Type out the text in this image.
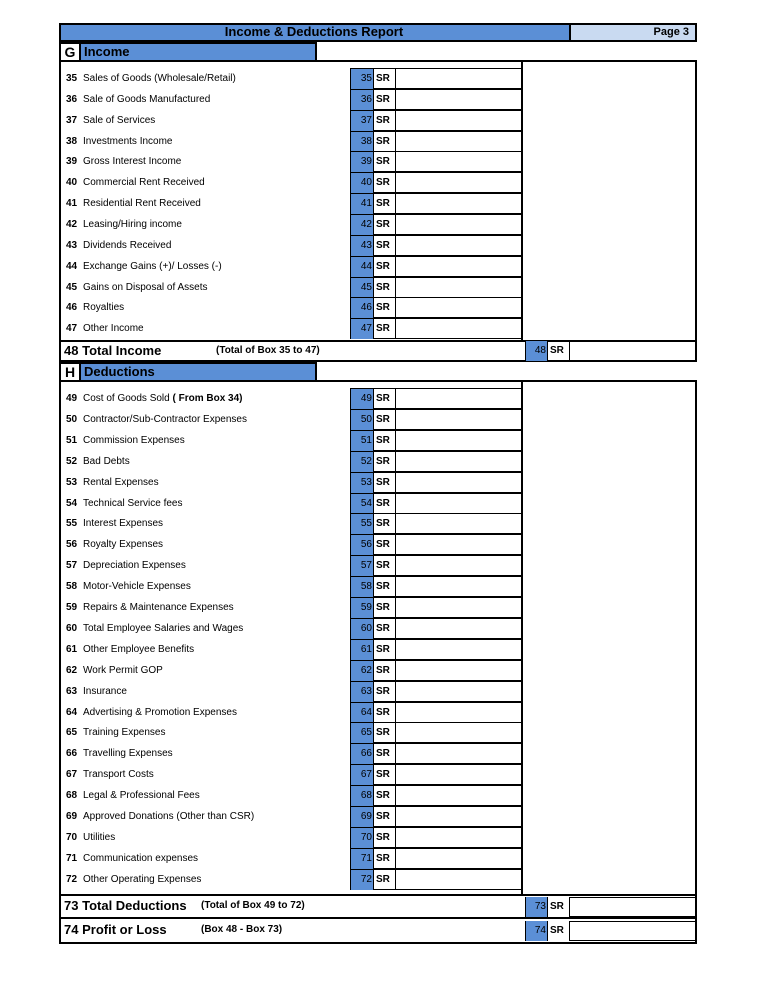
Income & Deductions Report	Page 3
G Income
35 Sales of Goods (Wholesale/Retail)	35 SR
36 Sale of Goods Manufactured	36 SR
37 Sale of Services	37 SR
38 Investments Income	38 SR
39 Gross Interest Income	39 SR
40 Commercial Rent Received	40 SR
41 Residential Rent Received	41 SR
42 Leasing/Hiring income	42 SR
43 Dividends Received	43 SR
44 Exchange Gains (+)/ Losses (-)	44 SR
45 Gains on Disposal of Assets	45 SR
46 Royalties	46 SR
47 Other Income	47 SR
48 Total Income	(Total of Box 35 to 47)	48 SR
H Deductions
49 Cost of Goods Sold ( From Box 34)	49 SR
50 Contractor/Sub-Contractor Expenses	50 SR
51 Commission Expenses	51 SR
52 Bad Debts	52 SR
53 Rental Expenses	53 SR
54 Technical Service fees	54 SR
55 Interest Expenses	55 SR
56 Royalty Expenses	56 SR
57 Depreciation Expenses	57 SR
58 Motor-Vehicle Expenses	58 SR
59 Repairs & Maintenance Expenses	59 SR
60 Total Employee Salaries and Wages	60 SR
61 Other Employee Benefits	61 SR
62 Work Permit GOP	62 SR
63 Insurance	63 SR
64 Advertising & Promotion Expenses	64 SR
65 Training Expenses	65 SR
66 Travelling Expenses	66 SR
67 Transport Costs	67 SR
68 Legal & Professional Fees	68 SR
69 Approved Donations (Other than CSR)	69 SR
70 Utilities	70 SR
71 Communication expenses	71 SR
72 Other Operating Expenses	72 SR
73 Total Deductions (Total of Box 49 to 72)	73 SR
74 Profit or Loss	(Box 48 - Box 73)	74 SR
